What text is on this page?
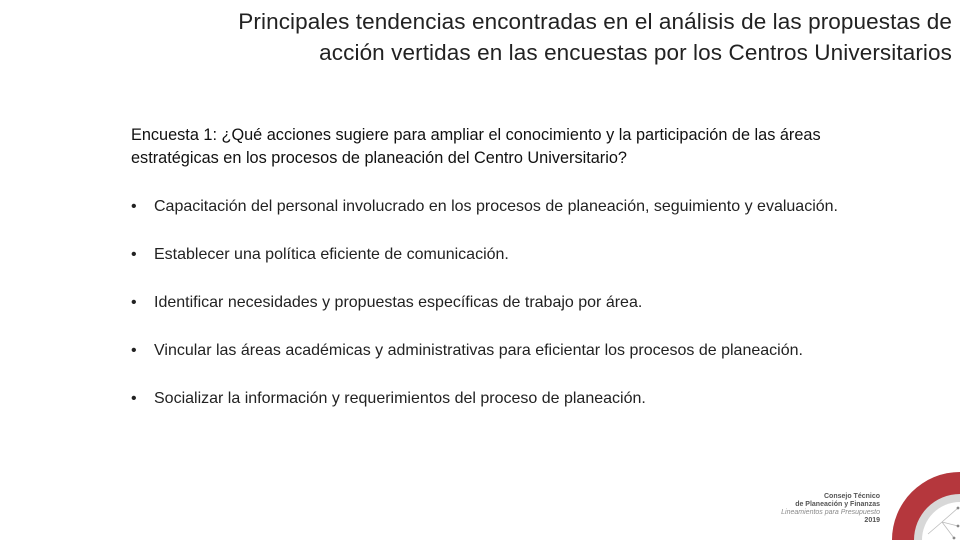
Principales tendencias encontradas en el análisis de las propuestas de
acción vertidas en las encuestas por los Centros Universitarios
Encuesta 1: ¿Qué acciones sugiere para ampliar el conocimiento y la participación de las áreas estratégicas en los procesos de planeación del Centro Universitario?
• Capacitación del personal involucrado en los procesos de planeación, seguimiento y evaluación.
• Establecer una política eficiente de comunicación.
• Identificar necesidades y propuestas específicas de trabajo por área.
• Vincular las áreas académicas y administrativas para eficientar los procesos de planeación.
• Socializar la información y requerimientos del proceso de planeación.
Consejo Técnico
de Planeación y Finanzas
Lineamientos para Presupuesto
2019
